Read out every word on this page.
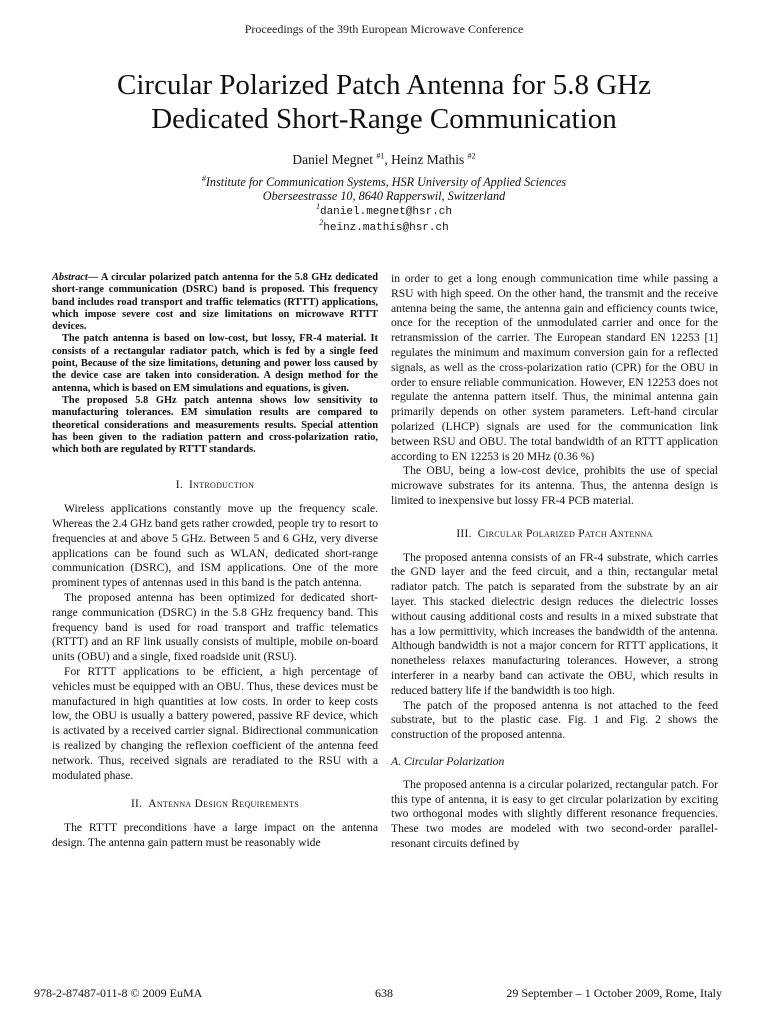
Proceedings of the 39th European Microwave Conference
Circular Polarized Patch Antenna for 5.8 GHz
Dedicated Short-Range Communication
Daniel Megnet $^{\#1}$, Heinz Mathis $^{\#2}$
#Institute for Communication Systems, HSR University of Applied Sciences
Oberseestrasse 10, 8640 Rapperswil, Switzerland
$^1$daniel.megnet@hsr.ch
$^2$heinz.mathis@hsr.ch

Abstract— A circular polarized patch antenna for the 5.8 GHz dedicated short-range communication (DSRC) band is proposed. This frequency band includes road transport and traffic telematics (RTTT) applications, which impose severe cost and size limitations on microwave RTTT devices.

The patch antenna is based on low-cost, but lossy, FR-4 material. It consists of a rectangular radiator patch, which is fed by a single feed point, Because of the size limitations, detuning and power loss caused by the device case are taken into consideration. A design method for the antenna, which is based on EM simulations and equations, is given.

The proposed 5.8 GHz patch antenna shows low sensitivity to manufacturing tolerances. EM simulation results are compared to theoretical considerations and measurements results. Special attention has been given to the radiation pattern and cross-polarization ratio, which both are regulated by RTTT standards.

I. Introduction

Wireless applications constantly move up the frequency scale. Whereas the 2.4 GHz band gets rather crowded, people try to resort to frequencies at and above 5 GHz. Between 5 and 6 GHz, very diverse applications can be found such as WLAN, dedicated short-range communication (DSRC), and ISM applications. One of the more prominent types of antennas used in this band is the patch antenna.

The proposed antenna has been optimized for dedicated short-range communication (DSRC) in the 5.8 GHz frequency band. This frequency band is used for road transport and traffic telematics (RTTT) and an RF link usually consists of multiple, mobile on-board units (OBU) and a single, fixed roadside unit (RSU).

For RTTT applications to be efficient, a high percentage of vehicles must be equipped with an OBU. Thus, these devices must be manufactured in high quantities at low costs. In order to keep costs low, the OBU is usually a battery powered, passive RF device, which is activated by a received carrier signal. Bidirectional communication is realized by changing the reflexion coefficient of the antenna feed network. Thus, received signals are reradiated to the RSU with a modulated phase.

II. Antenna Design Requirements

The RTTT preconditions have a large impact on the antenna design. The antenna gain pattern must be reasonably wide

in order to get a long enough communication time while passing a RSU with high speed. On the other hand, the transmit and the receive antenna being the same, the antenna gain and efficiency counts twice, once for the reception of the unmodulated carrier and once for the retransmission of the carrier. The European standard EN 12253 [1] regulates the minimum and maximum conversion gain for a reflected signals, as well as the cross-polarization ratio (CPR) for the OBU in order to ensure reliable communication. However, EN 12253 does not regulate the antenna pattern itself. Thus, the minimal antenna gain primarily depends on other system parameters. Left-hand circular polarized (LHCP) signals are used for the communication link between RSU and OBU. The total bandwidth of an RTTT application according to EN 12253 is 20 MHz (0.36 %)

The OBU, being a low-cost device, prohibits the use of special microwave substrates for its antenna. Thus, the antenna design is limited to inexpensive but lossy FR-4 PCB material.

III. Circular Polarized Patch Antenna

The proposed antenna consists of an FR-4 substrate, which carries the GND layer and the feed circuit, and a thin, rectangular metal radiator patch. The patch is separated from the substrate by an air layer. This stacked dielectric design reduces the dielectric losses without causing additional costs and results in a mixed substrate that has a low permittivity, which increases the bandwidth of the antenna. Although bandwidth is not a major concern for RTTT applications, it nonetheless relaxes manufacturing tolerances. However, a strong interferer in a nearby band can activate the OBU, which results in reduced battery life if the bandwidth is too high.

The patch of the proposed antenna is not attached to the feed substrate, but to the plastic case. Fig. 1 and Fig. 2 shows the construction of the proposed antenna.

A. Circular Polarization

The proposed antenna is a circular polarized, rectangular patch. For this type of antenna, it is easy to get circular polarization by exciting two orthogonal modes with slightly different resonance frequencies. These two modes are modeled with two second-order parallel-resonant circuits defined by

978-2-87487-011-8 © 2009 EuMA	638	29 September – 1 October 2009, Rome, Italy
